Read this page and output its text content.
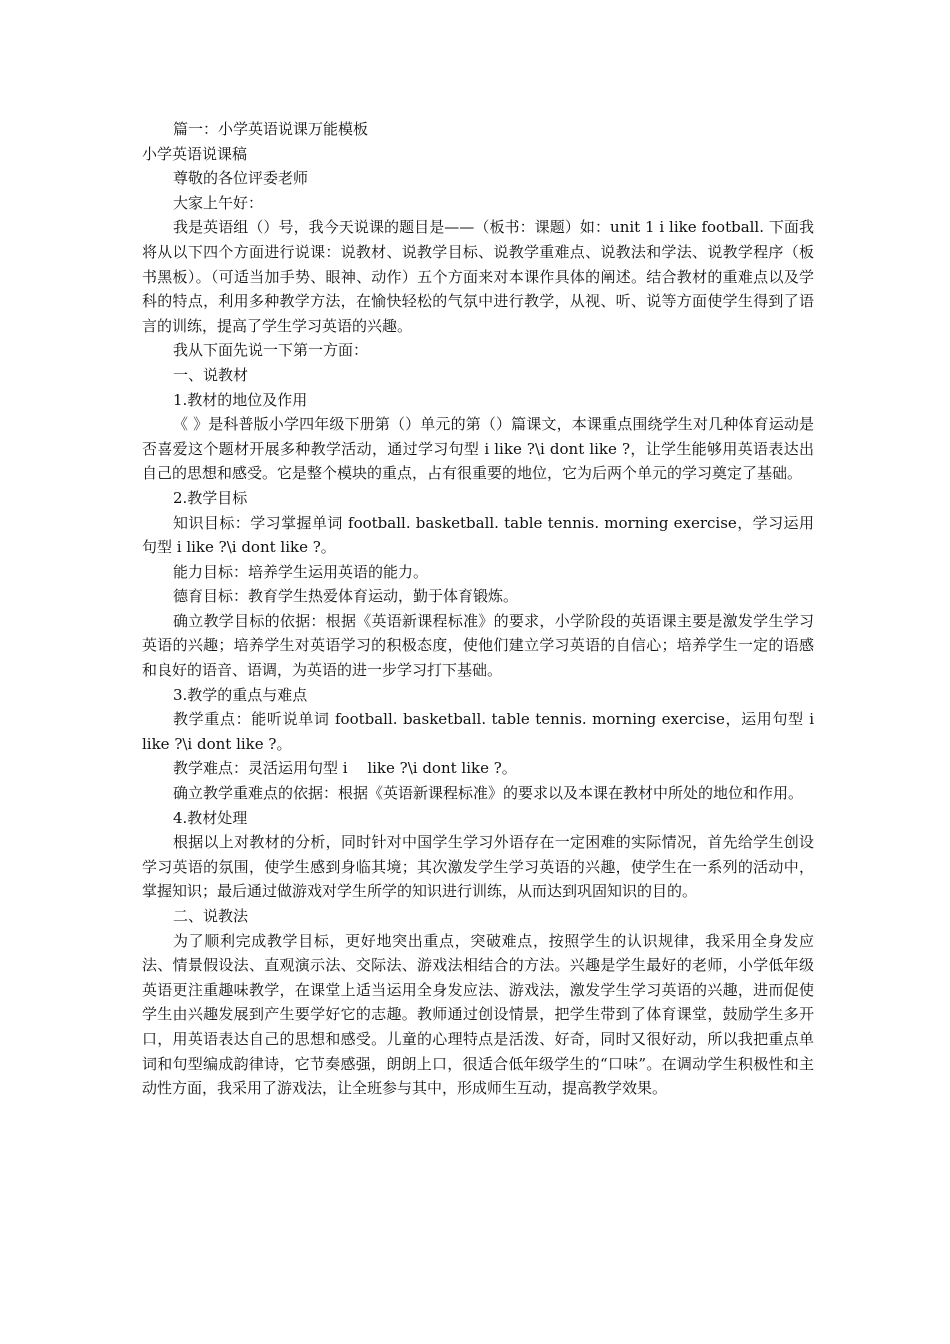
篇一：小学英语说课万能模板

小学英语说课稿

尊敬的各位评委老师

大家上午好：

我是英语组（）号，我今天说课的题目是——（板书：课题）如：unit 1 i like football. 下面我将从以下四个方面进行说课：说教材、说教学目标、说教学重难点、说教法和学法、说教学程序（板书黑板）。（可适当加手势、眼神、动作）五个方面来对本课作具体的阐述。结合教材的重难点以及学科的特点，利用多种教学方法，在愉快轻松的气氛中进行教学，从视、听、说等方面使学生得到了语言的训练，提高了学生学习英语的兴趣。

我从下面先说一下第一方面：

一、说教材

1.教材的地位及作用

《 》是科普版小学四年级下册第（）单元的第（）篇课文，本课重点围绕学生对几种体育运动是否喜爱这个题材开展多种教学活动，通过学习句型 i like ?\i dont like ?，让学生能够用英语表达出自己的思想和感受。它是整个模块的重点，占有很重要的地位，它为后两个单元的学习奠定了基础。

2.教学目标

知识目标：学习掌握单词 football. basketball. table tennis. morning exercise，学习运用句型 i like ?\i dont like ?。

能力目标：培养学生运用英语的能力。

德育目标：教育学生热爱体育运动，勤于体育锻炼。

确立教学目标的依据：根据《英语新课程标准》的要求，小学阶段的英语课主要是激发学生学习英语的兴趣；培养学生对英语学习的积极态度，使他们建立学习英语的自信心；培养学生一定的语感和良好的语音、语调，为英语的进一步学习打下基础。

3.教学的重点与难点

教学重点：能听说单词 football. basketball. table tennis. morning exercise，运用句型 i　 like ?\i dont like ?。

教学难点：灵活运用句型 i　 like ?\i dont like ?。

确立教学重难点的依据：根据《英语新课程标准》的要求以及本课在教材中所处的地位和作用。

4.教材处理

根据以上对教材的分析，同时针对中国学生学习外语存在一定困难的实际情况，首先给学生创设学习英语的氛围，使学生感到身临其境；其次激发学生学习英语的兴趣，使学生在一系列的活动中，掌握知识；最后通过做游戏对学生所学的知识进行训练，从而达到巩固知识的目的。

二、说教法

为了顺利完成教学目标，更好地突出重点，突破难点，按照学生的认识规律，我采用全身发应法、情景假设法、直观演示法、交际法、游戏法相结合的方法。兴趣是学生最好的老师，小学低年级英语更注重趣味教学，在课堂上适当运用全身发应法、游戏法，激发学生学习英语的兴趣，进而促使学生由兴趣发展到产生要学好它的志趣。教师通过创设情景，把学生带到了体育课堂，鼓励学生多开口，用英语表达自己的思想和感受。儿童的心理特点是活泼、好奇，同时又很好动，所以我把重点单词和句型编成韵律诗，它节奏感强，朗朗上口，很适合低年级学生的“口味”。在调动学生积极性和主动性方面，我采用了游戏法，让全班参与其中，形成师生互动，提高教学效果。
